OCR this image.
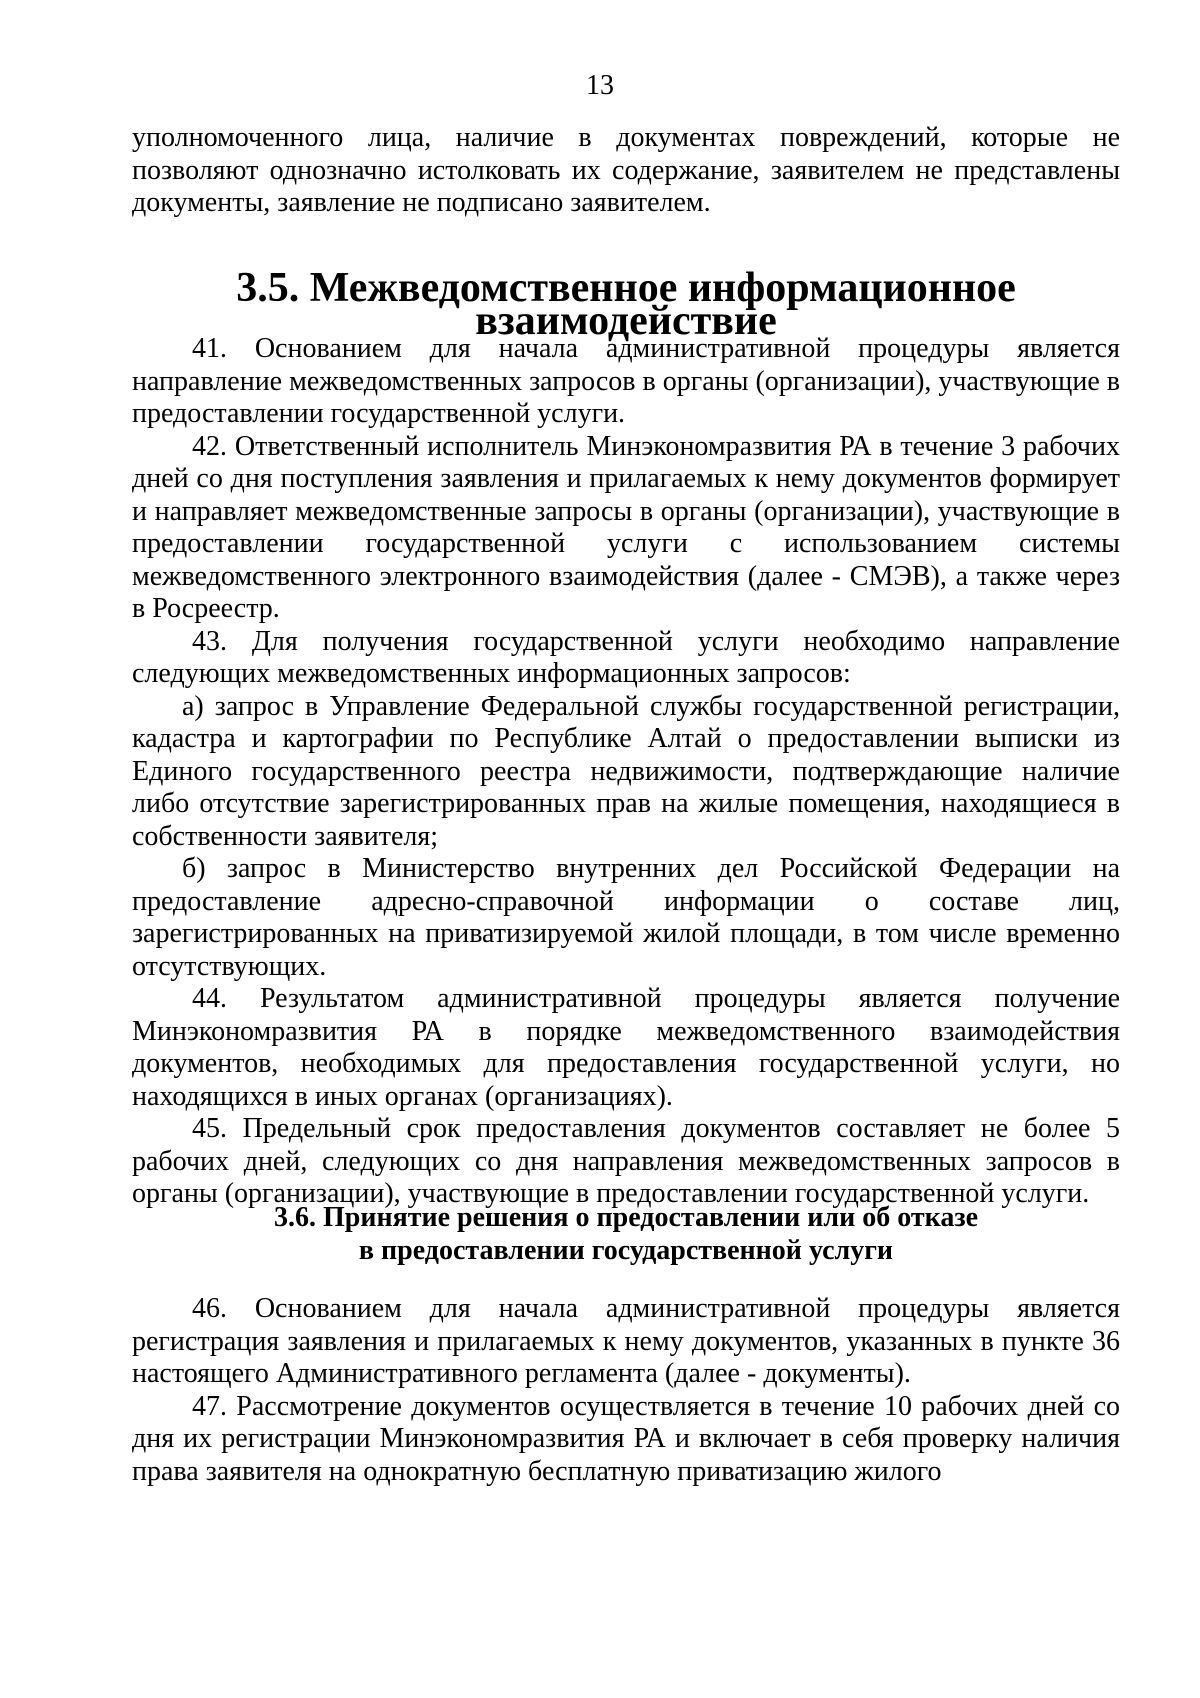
13

уполномоченного лица, наличие в документах повреждений, которые не позволяют однозначно истолковать их содержание, заявителем не представлены документы, заявление не подписано заявителем.

3.5. Межведомственное информационное взаимодействие

41. Основанием для начала административной процедуры является направление межведомственных запросов в органы (организации), участвующие в предоставлении государственной услуги.

42. Ответственный исполнитель Минэкономразвития РА в течение 3 рабочих дней со дня поступления заявления и прилагаемых к нему документов формирует и направляет межведомственные запросы в органы (организации), участвующие в предоставлении государственной услуги с использованием системы межведомственного электронного взаимодействия (далее - СМЭВ), а также через в Росреестр.

43. Для получения государственной услуги необходимо направление следующих межведомственных информационных запросов:

а) запрос в Управление Федеральной службы государственной регистрации, кадастра и картографии по Республике Алтай о предоставлении выписки из Единого государственного реестра недвижимости, подтверждающие наличие либо отсутствие зарегистрированных прав на жилые помещения, находящиеся в собственности заявителя;

б) запрос в Министерство внутренних дел Российской Федерации на предоставление адресно-справочной информации о составе лиц, зарегистрированных на приватизируемой жилой площади, в том числе временно отсутствующих.

44. Результатом административной процедуры является получение Минэкономразвития РА в порядке межведомственного взаимодействия документов, необходимых для предоставления государственной услуги, но находящихся в иных органах (организациях).

45. Предельный срок предоставления документов составляет не более 5 рабочих дней, следующих со дня направления межведомственных запросов в органы (организации), участвующие в предоставлении государственной услуги.

3.6. Принятие решения о предоставлении или об отказе
в предоставлении государственной услуги

46. Основанием для начала административной процедуры является регистрация заявления и прилагаемых к нему документов, указанных в пункте 36 настоящего Административного регламента (далее - документы).

47. Рассмотрение документов осуществляется в течение 10 рабочих дней со дня их регистрации Минэкономразвития РА и включает в себя проверку наличия права заявителя на однократную бесплатную приватизацию жилого
